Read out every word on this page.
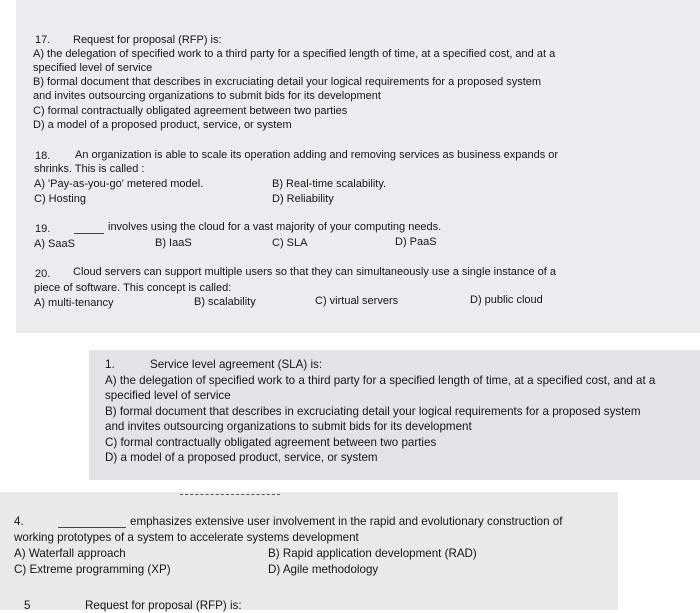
17. Request for proposal (RFP) is:
A) the delegation of specified work to a third party for a specified length of time, at a specified cost, and at a
specified level of service
B) formal document that describes in excruciating detail your logical requirements for a proposed system
and invites outsourcing organizations to submit bids for its development
C) formal contractually obligated agreement between two parties
D) a model of a proposed product, service, or system
18. An organization is able to scale its operation adding and removing services as business expands or
shrinks. This is called :
A) 'Pay-as-you-go' metered model.	B) Real-time scalability.
C) Hosting	D) Reliability
19.	involves using the cloud for a vast majority of your computing needs.
A) SaaS	B) IaaS	C) SLA	D) PaaS
20. Cloud servers can support multiple users so that they can simultaneously use a single instance of a
piece of software. This concept is called:
A) multi-tenancy	B) scalability	C) virtual servers	D) public cloud
1.	Service level agreement (SLA) is:
A) the delegation of specified work to a third party for a specified length of time, at a specified cost, and at a
specified level of service
B) formal document that describes in excruciating detail your logical requirements for a proposed system
and invites outsourcing organizations to submit bids for its development
C) formal contractually obligated agreement between two parties
D) a model of a proposed product, service, or system
4.	emphasizes extensive user involvement in the rapid and evolutionary construction of
working prototypes of a system to accelerate systems development
A) Waterfall approach	B) Rapid application development (RAD)
C) Extreme programming (XP)	D) Agile methodology
5	Request for proposal (RFP) is:
